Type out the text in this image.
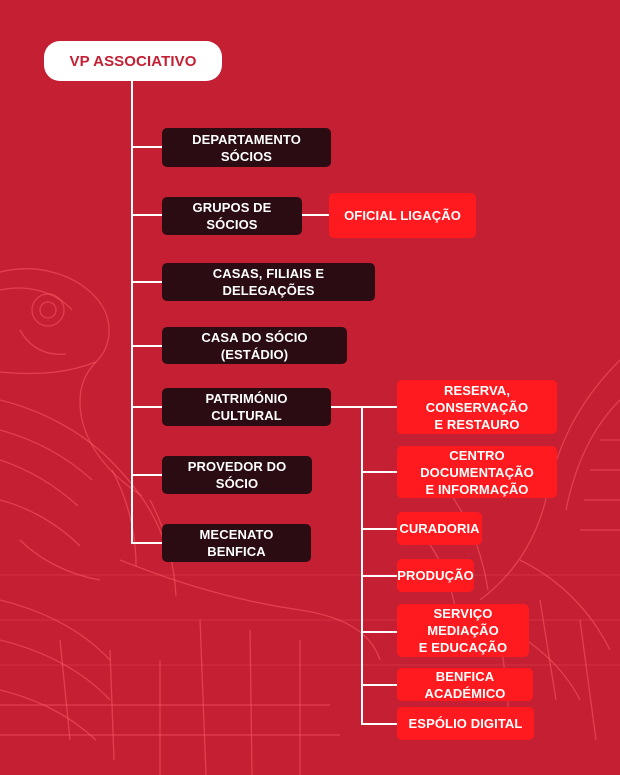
VP ASSOCIATIVO
DEPARTAMENTO SÓCIOS
GRUPOS DE SÓCIOS
CASAS, FILIAIS E DELEGAÇÕES
CASA DO SÓCIO (ESTÁDIO)
PATRIMÓNIO CULTURAL
PROVEDOR DO SÓCIO
MECENATO BENFICA
OFICIAL LIGAÇÃO
RESERVA, CONSERVAÇÃO
E RESTAURO
CENTRO DOCUMENTAÇÃO
E INFORMAÇÃO
CURADORIA
PRODUÇÃO
SERVIÇO MEDIAÇÃO
E EDUCAÇÃO
BENFICA ACADÉMICO
ESPÓLIO DIGITAL
